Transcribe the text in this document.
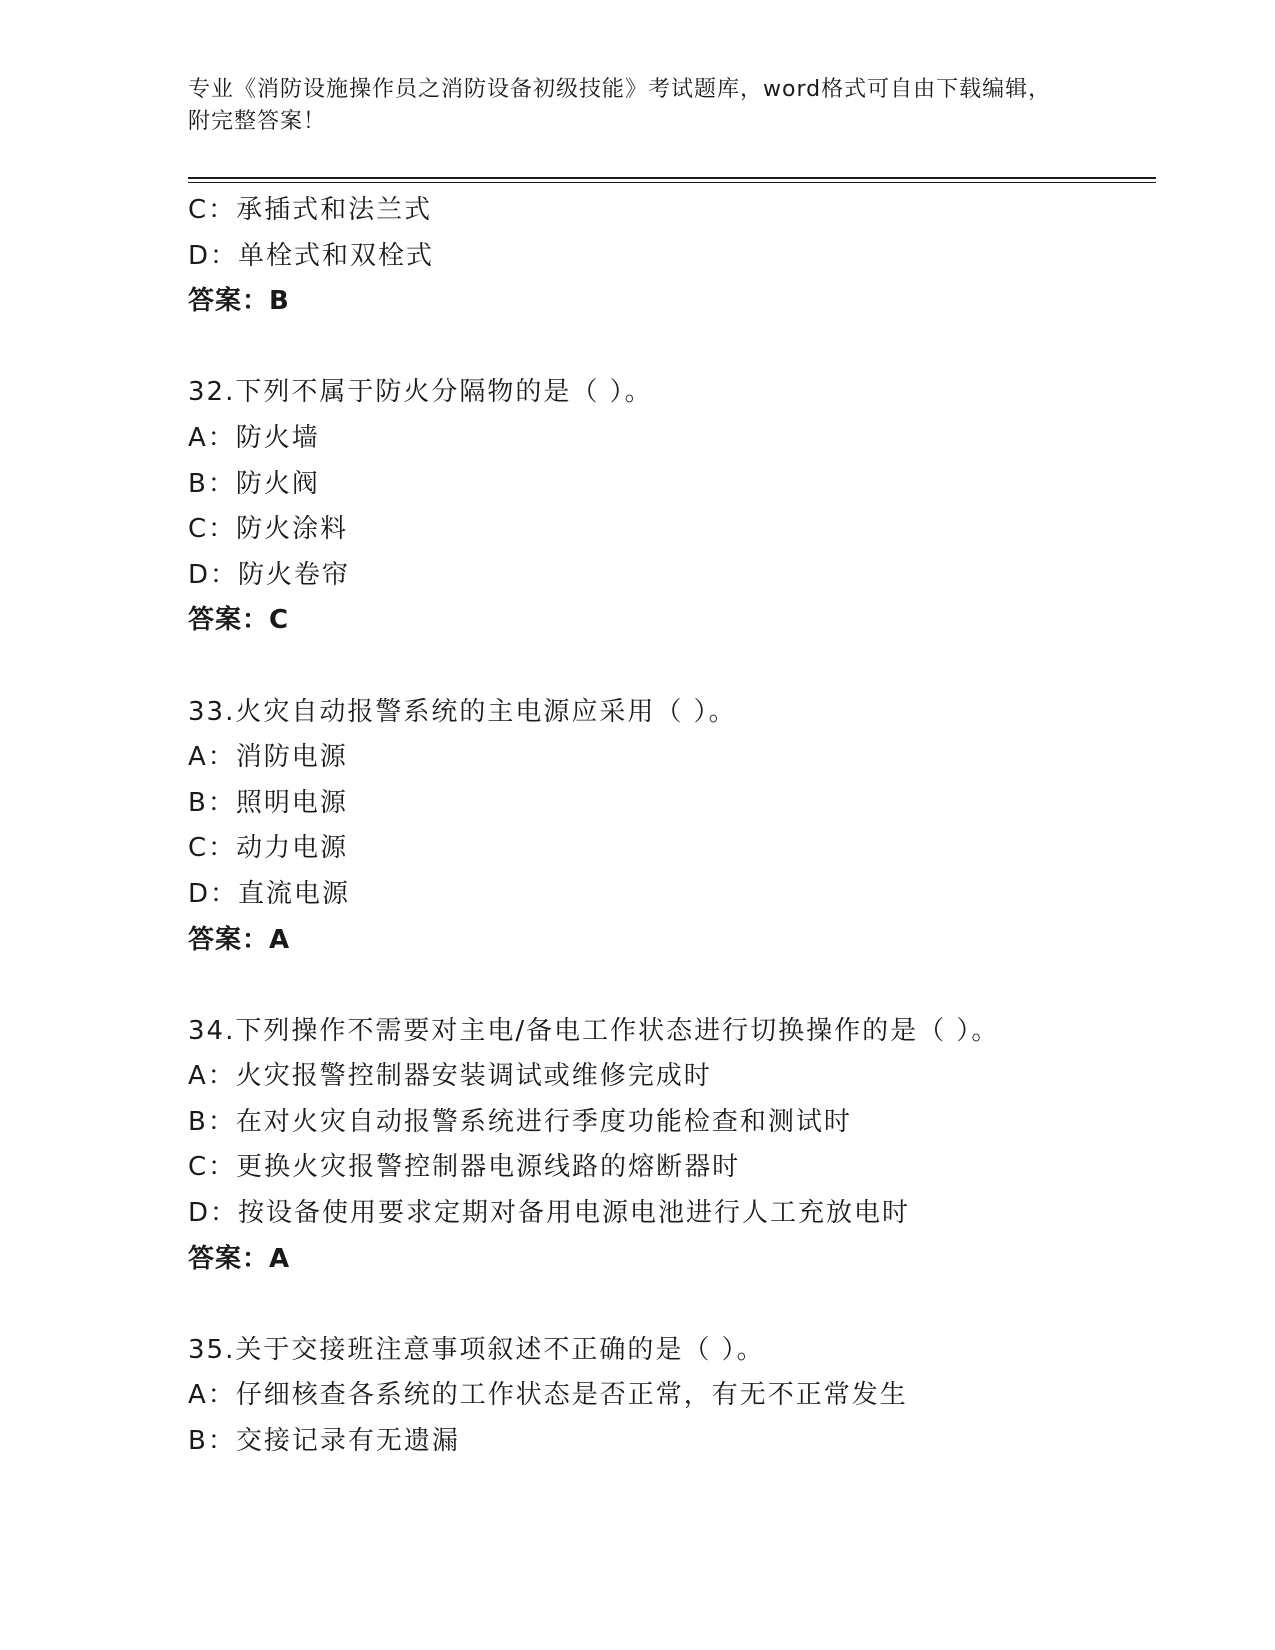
专业《消防设施操作员之消防设备初级技能》考试题库，word格式可自由下载编辑，附完整答案！
C：承插式和法兰式
D：单栓式和双栓式
答案：B
32.下列不属于防火分隔物的是（ ）。
A：防火墙
B：防火阀
C：防火涂料
D：防火卷帘
答案：C
33.火灾自动报警系统的主电源应采用（ ）。
A：消防电源
B：照明电源
C：动力电源
D：直流电源
答案：A
34.下列操作不需要对主电/备电工作状态进行切换操作的是（ ）。
A：火灾报警控制器安装调试或维修完成时
B：在对火灾自动报警系统进行季度功能检查和测试时
C：更换火灾报警控制器电源线路的熔断器时
D：按设备使用要求定期对备用电源电池进行人工充放电时
答案：A
35.关于交接班注意事项叙述不正确的是（ ）。
A：仔细核查各系统的工作状态是否正常，有无不正常发生
B：交接记录有无遗漏
